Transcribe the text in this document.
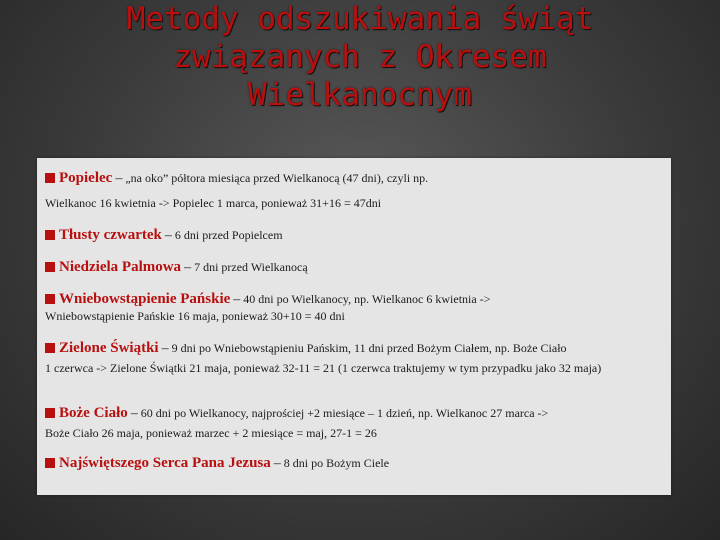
Metody odszukiwania świąt
związanych z Okresem
Wielkanocnym
Popielec – „na oko” półtora miesiąca przed Wielkanocą (47 dni), czyli np.
Wielkanoc 16 kwietnia -> Popielec 1 marca, ponieważ 31+16 = 47dni
Tłusty czwartek – 6 dni przed Popielcem
Niedziela Palmowa – 7 dni przed Wielkanocą
Wniebowstąpienie Pańskie – 40 dni po Wielkanocy, np. Wielkanoc 6 kwietnia ->
Wniebowstąpienie Pańskie 16 maja, ponieważ 30+10 = 40 dni
Zielone Świątki – 9 dni po Wniebowstąpieniu Pańskim, 11 dni przed Bożym Ciałem, np. Boże Ciało
1 czerwca -> Zielone Świątki 21 maja, ponieważ 32-11 = 21 (1 czerwca traktujemy w tym przypadku jako 32 maja)
Boże Ciało – 60 dni po Wielkanocy, najprościej +2 miesiące – 1 dzień, np. Wielkanoc 27 marca ->
Boże Ciało 26 maja, ponieważ marzec + 2 miesiące = maj, 27-1 = 26
Najświętszego Serca Pana Jezusa – 8 dni po Bożym Ciele
